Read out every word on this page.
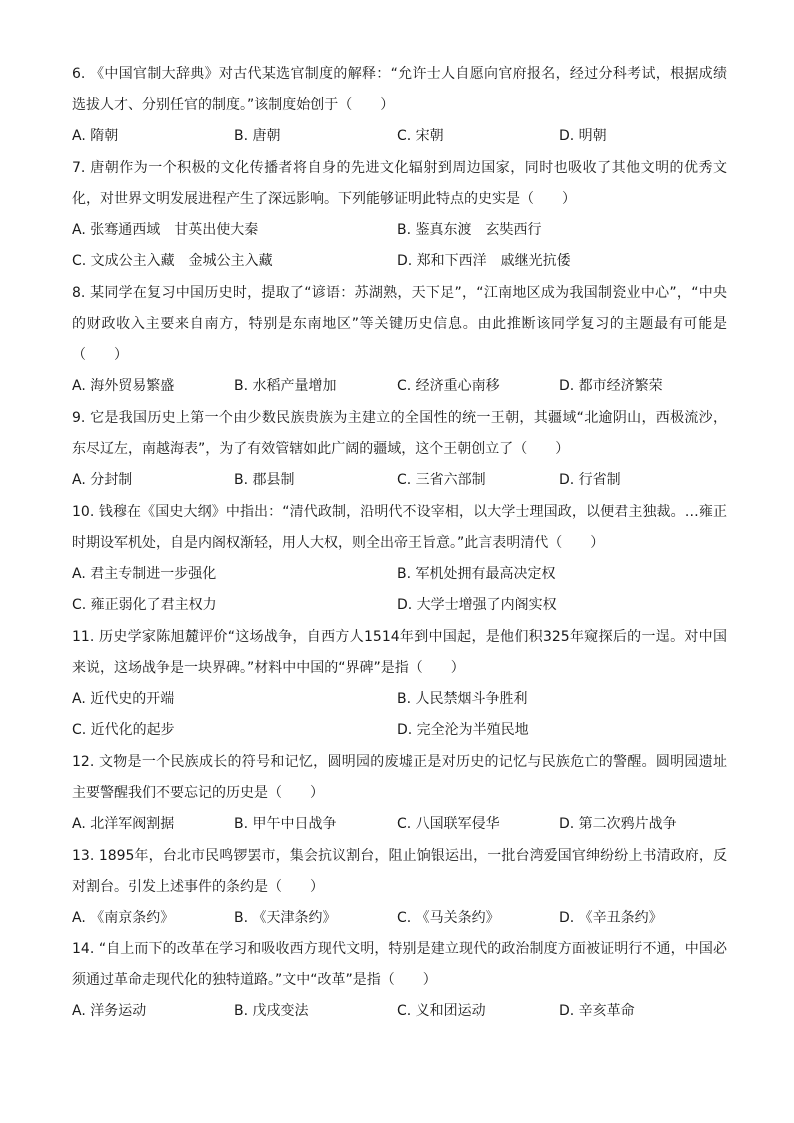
6. 《中国官制大辞典》对古代某选官制度的解释：“允许士人自愿向官府报名，经过分科考试，根据成绩选拔人才、分别任官的制度。”该制度始创于（　　）
A. 隋朝	B. 唐朝	C. 宋朝	D. 明朝
7. 唐朝作为一个积极的文化传播者将自身的先进文化辐射到周边国家，同时也吸收了其他文明的优秀文化，对世界文明发展进程产生了深远影响。下列能够证明此特点的史实是（　　）
A. 张骞通西域　甘英出使大秦	B. 鉴真东渡　玄奘西行
C. 文成公主入藏　金城公主入藏	D. 郑和下西洋　戚继光抗倭
8. 某同学在复习中国历史时，提取了“谚语：苏湖熟，天下足”，“江南地区成为我国制瓷业中心”，“中央的财政收入主要来自南方，特别是东南地区”等关键历史信息。由此推断该同学复习的主题最有可能是（　　）
A. 海外贸易繁盛	B. 水稻产量增加	C. 经济重心南移	D. 都市经济繁荣
9. 它是我国历史上第一个由少数民族贵族为主建立的全国性的统一王朝，其疆域“北逾阴山，西极流沙，东尽辽左，南越海表”，为了有效管辖如此广阔的疆域，这个王朝创立了（　　）
A. 分封制	B. 郡县制	C. 三省六部制	D. 行省制
10. 钱穆在《国史大纲》中指出：“清代政制，沿明代不设宰相，以大学士理国政，以便君主独裁。…雍正时期设军机处，自是内阁权渐轻，用人大权，则全出帝王旨意。”此言表明清代（　　）
A. 君主专制进一步强化	B. 军机处拥有最高决定权
C. 雍正弱化了君主权力	D. 大学士增强了内阁实权
11. 历史学家陈旭麓评价“这场战争，自西方人1514年到中国起，是他们积325年窥探后的一逞。对中国来说，这场战争是一块界碑。”材料中中国的“界碑”是指（　　）
A. 近代史的开端	B. 人民禁烟斗争胜利
C. 近代化的起步	D. 完全沦为半殖民地
12. 文物是一个民族成长的符号和记忆，圆明园的废墟正是对历史的记忆与民族危亡的警醒。圆明园遗址主要警醒我们不要忘记的历史是（　　）
A. 北洋军阀割据	B. 甲午中日战争	C. 八国联军侵华	D. 第二次鸦片战争
13. 1895年，台北市民鸣锣罢市，集会抗议割台，阻止饷银运出，一批台湾爱国官绅纷纷上书清政府，反对割台。引发上述事件的条约是（　　）
A. 《南京条约》	B. 《天津条约》	C. 《马关条约》	D. 《辛丑条约》
14. “自上而下的改革在学习和吸收西方现代文明，特别是建立现代的政治制度方面被证明行不通，中国必须通过革命走现代化的独特道路。”文中“改革”是指（　　）
A. 洋务运动	B. 戊戌变法	C. 义和团运动	D. 辛亥革命
